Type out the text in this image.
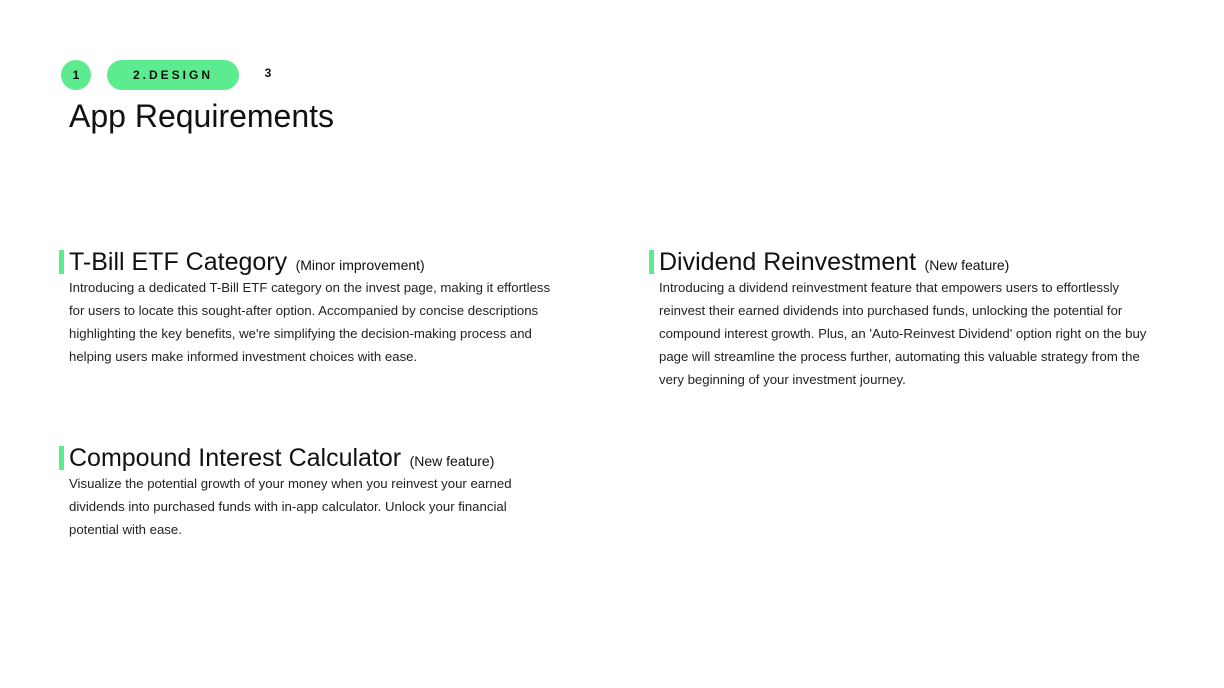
1	2.DESIGN	3
App Requirements
T-Bill ETF Category (Minor improvement)

Introducing a dedicated T-Bill ETF category on the invest page, making it effortless for users to locate this sought-after option. Accompanied by concise descriptions highlighting the key benefits, we're simplifying the decision-making process and helping users make informed investment choices with ease.

Dividend Reinvestment (New feature)

Introducing a dividend reinvestment feature that empowers users to effortlessly reinvest their earned dividends into purchased funds, unlocking the potential for compound interest growth. Plus, an 'Auto-Reinvest Dividend' option right on the buy page will streamline the process further, automating this valuable strategy from the very beginning of your investment journey.

Compound Interest Calculator (New feature)

Visualize the potential growth of your money when you reinvest your earned dividends into purchased funds with in-app calculator. Unlock your financial potential with ease.
